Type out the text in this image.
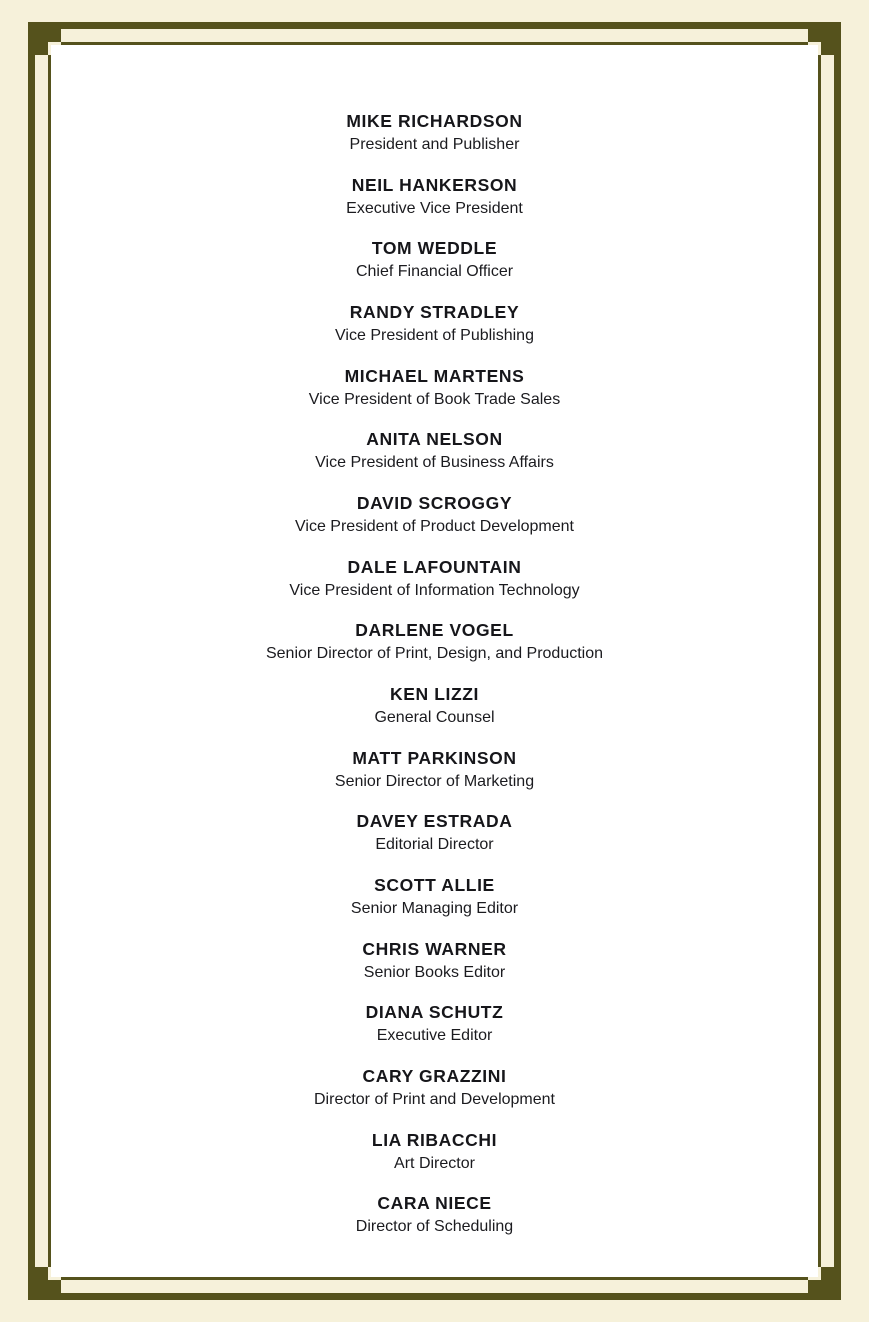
MIKE RICHARDSON
President and Publisher
NEIL HANKERSON
Executive Vice President
TOM WEDDLE
Chief Financial Officer
RANDY STRADLEY
Vice President of Publishing
MICHAEL MARTENS
Vice President of Book Trade Sales
ANITA NELSON
Vice President of Business Affairs
DAVID SCROGGY
Vice President of Product Development
DALE LAFOUNTAIN
Vice President of Information Technology
DARLENE VOGEL
Senior Director of Print, Design, and Production
KEN LIZZI
General Counsel
MATT PARKINSON
Senior Director of Marketing
DAVEY ESTRADA
Editorial Director
SCOTT ALLIE
Senior Managing Editor
CHRIS WARNER
Senior Books Editor
DIANA SCHUTZ
Executive Editor
CARY GRAZZINI
Director of Print and Development
LIA RIBACCHI
Art Director
CARA NIECE
Director of Scheduling
